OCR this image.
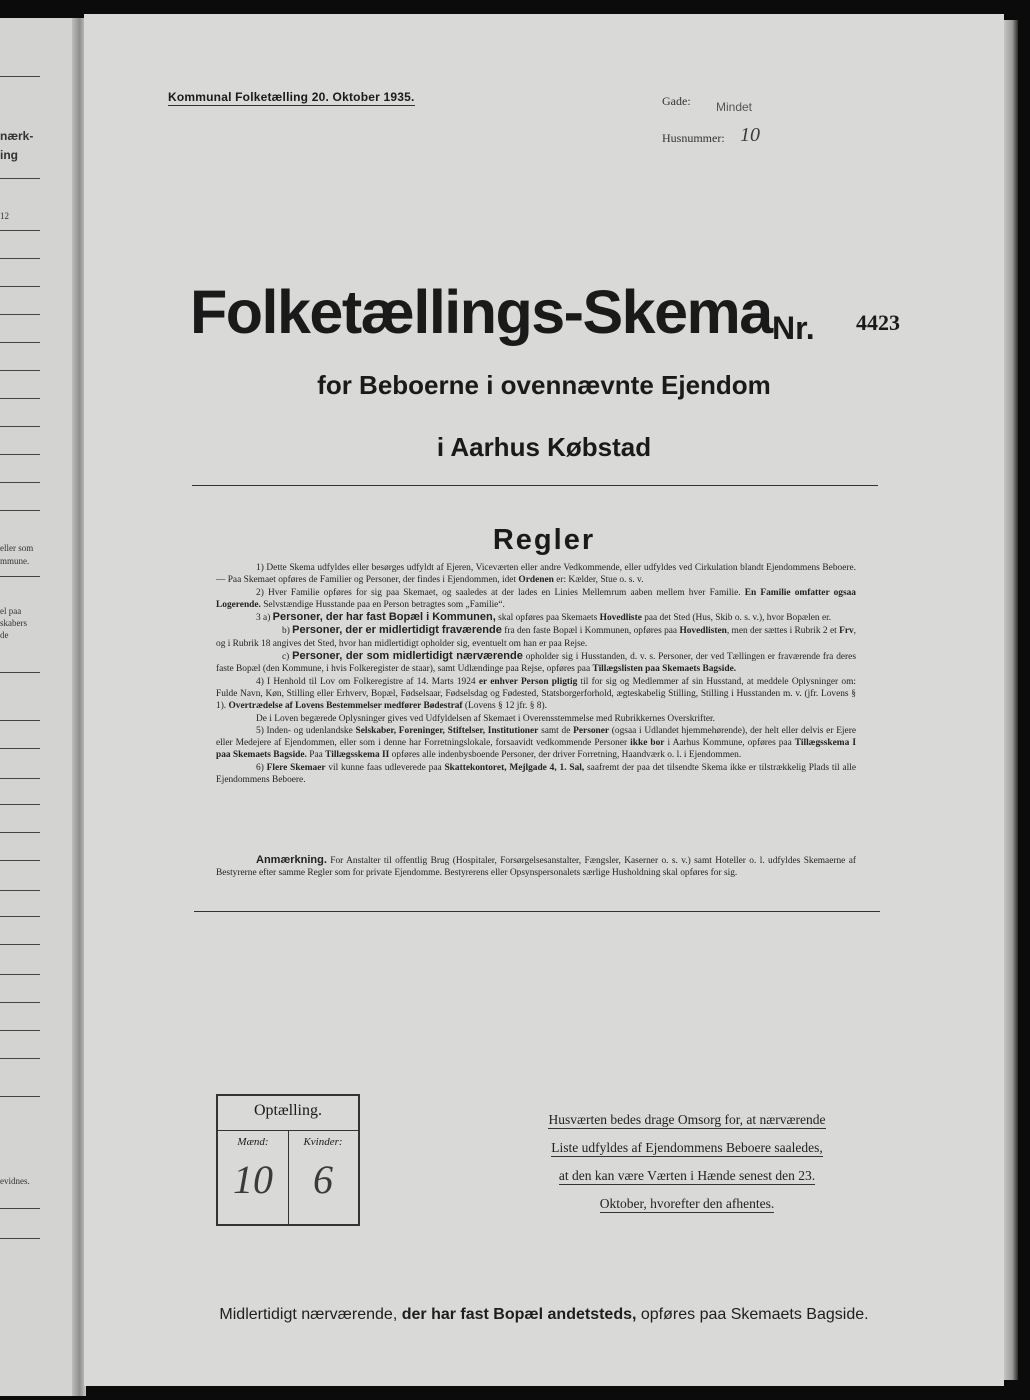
nærk-
ing
12
eller som
mmune.
el paa
skabers
de
evidnes.
Kommunal Folketælling 20. Oktober 1935.	Gade: Mindet
Husnummer: 10
Folketællings-Skema Nr. 4423
for Beboerne i ovennævnte Ejendom
i Aarhus Købstad
Regler

1) Dette Skema udfyldes eller besørges udfyldt af Ejeren, Viceværten eller andre Vedkommende, eller udfyldes ved Cirkulation blandt Ejendommens Beboere. — Paa Skemaet opføres de Familier og Personer, der findes i Ejendommen, idet Ordenen er: Kælder, Stue o. s. v.

2) Hver Familie opføres for sig paa Skemaet, og saaledes at der lades en Linies Mellemrum aaben mellem hver Familie. En Familie omfatter ogsaa Logerende. Selvstændige Husstande paa en Person betragtes som „Familie“.

3 a) Personer, der har fast Bopæl i Kommunen, skal opføres paa Skemaets Hovedliste paa det Sted (Hus, Skib o. s. v.), hvor Bopælen er.

b) Personer, der er midlertidigt fraværende fra den faste Bopæl i Kommunen, opføres paa Hovedlisten, men der sættes i Rubrik 2 et Frv, og i Rubrik 18 angives det Sted, hvor han midlertidigt opholder sig, eventuelt om han er paa Rejse.

c) Personer, der som midlertidigt nærværende opholder sig i Husstanden, d. v. s. Personer, der ved Tællingen er fraværende fra deres faste Bopæl (den Kommune, i hvis Folkeregister de staar), samt Udlændinge paa Rejse, opføres paa Tillægslisten paa Skemaets Bagside.

4) I Henhold til Lov om Folkeregistre af 14. Marts 1924 er enhver Person pligtig til for sig og Medlemmer af sin Husstand, at meddele Oplysninger om: Fulde Navn, Køn, Stilling eller Erhverv, Bopæl, Fødselsaar, Fødselsdag og Fødested, Statsborgerforhold, ægteskabelig Stilling, Stilling i Husstanden m. v. (jfr. Lovens § 1). Overtrædelse af Lovens Bestemmelser medfører Bødestraf (Lovens § 12 jfr. § 8).

De i Loven begærede Oplysninger gives ved Udfyldelsen af Skemaet i Overensstemmelse med Rubrikkernes Overskrifter.

5) Inden- og udenlandske Selskaber, Foreninger, Stiftelser, Institutioner samt de Personer (ogsaa i Udlandet hjemmehørende), der helt eller delvis er Ejere eller Medejere af Ejendommen, eller som i denne har Forretningslokale, forsaavidt vedkommende Personer ikke bor i Aarhus Kommune, opføres paa Tillægsskema I paa Skemaets Bagside. Paa Tillægsskema II opføres alle indenbysboende Personer, der driver Forretning, Haandværk o. l. i Ejendommen.

6) Flere Skemaer vil kunne faas udleverede paa Skattekontoret, Mejlgade 4, 1. Sal, saafremt der paa det tilsendte Skema ikke er tilstrækkelig Plads til alle Ejendommens Beboere.

Anmærkning. For Anstalter til offentlig Brug (Hospitaler, Forsørgelsesanstalter, Fængsler, Kaserner o. s. v.) samt Hoteller o. l. udfyldes Skemaerne af Bestyrerne efter samme Regler som for private Ejendomme. Bestyrerens eller Opsynspersonalets særlige Husholdning skal opføres for sig.

Optælling.
Mænd:	Kvinder:
10	6
Husværten bedes drage Omsorg for, at nærværende
Liste udfyldes af Ejendommens Beboere saaledes,
at den kan være Værten i Hænde senest den 23.
Oktober, hvorefter den afhentes.
Midlertidigt nærværende, der har fast Bopæl andetsteds, opføres paa Skemaets Bagside.
